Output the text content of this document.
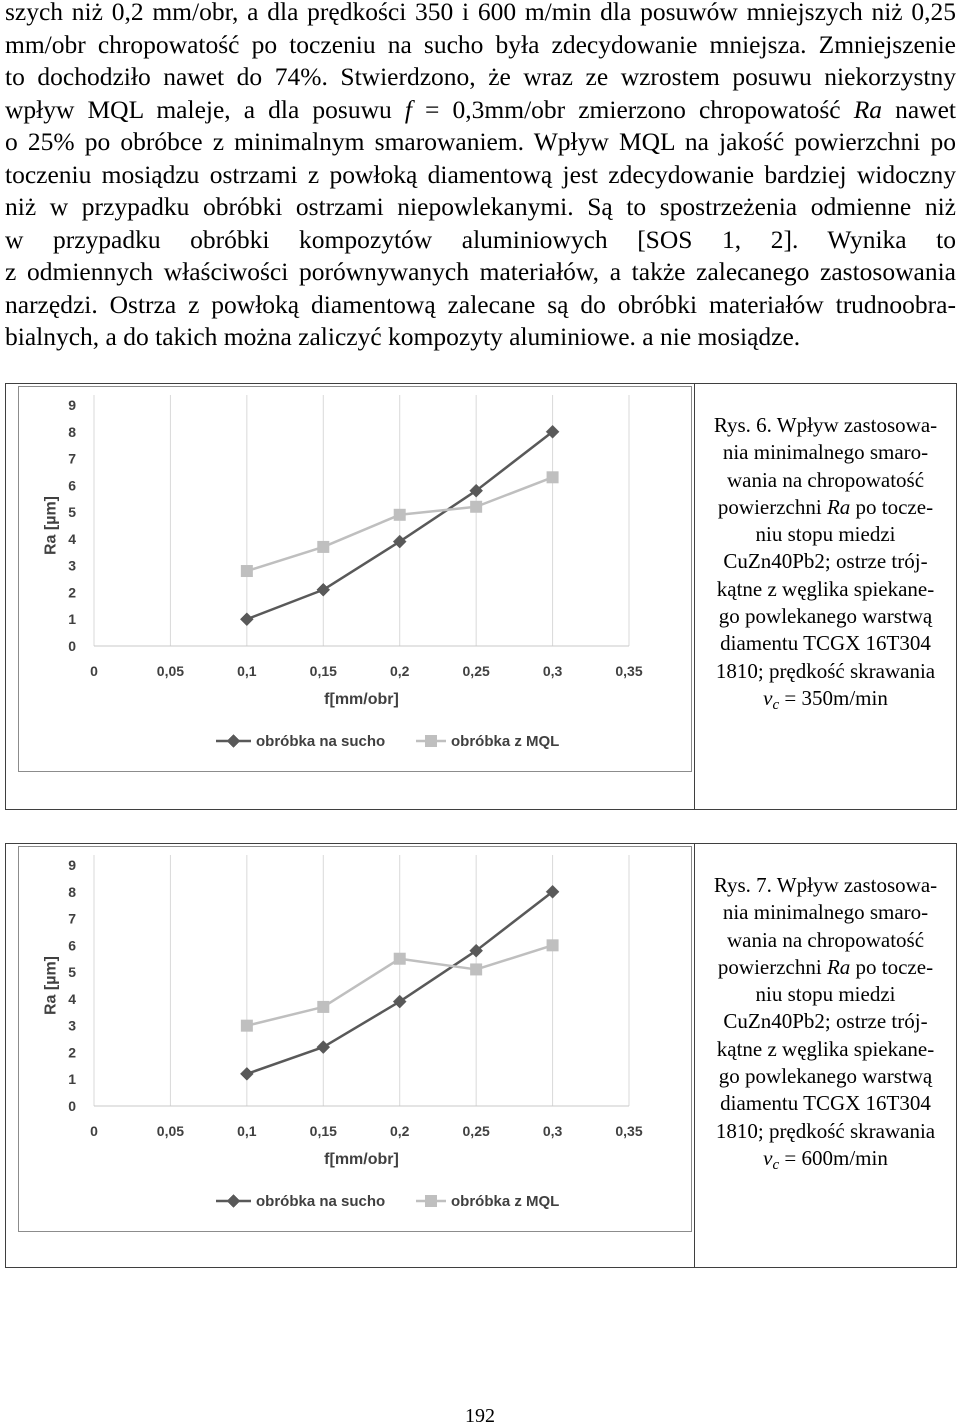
szych niż 0,2 mm/obr, a dla prędkości 350 i 600 m/min dla posuwów mniejszych niż 0,25
mm/obr chropowatość po toczeniu na sucho była zdecydowanie mniejsza. Zmniejszenie
to dochodziło nawet do 74%. Stwierdzono, że wraz ze wzrostem posuwu niekorzystny
wpływ MQL maleje, a dla posuwu f = 0,3mm/obr zmierzono chropowatość Ra nawet
o 25% po obróbce z minimalnym smarowaniem. Wpływ MQL na jakość powierzchni po
toczeniu mosiądzu ostrzami z powłoką diamentową jest zdecydowanie bardziej widoczny
niż w przypadku obróbki ostrzami niepowlekanymi. Są to spostrzeżenia odmienne niż
w przypadku obróbki kompozytów aluminiowych [SOS 1, 2]. Wynika to
z odmiennych właściwości porównywanych materiałów, a także zalecanego zastosowania
narzędzi. Ostrza z powłoką diamentową zalecane są do obróbki materiałów trudnoobra-
bialnych, a do takich można zaliczyć kompozyty aluminiowe. a nie mosiądze.
0	0,05	0,1	0,15	0,2	0,25	0,3	0,35
0
1
2
3
4
5
6
7
8
9
f[mm/obr]
Ra [µm]
obróbka na sucho	obróbka z MQL
Rys. 6. Wpływ zastosowa-
nia minimalnego smaro-
wania na chropowatość
powierzchni Ra po tocze-
niu stopu miedzi
CuZn40Pb2; ostrze trój-
kątne z węglika spiekane-
go powlekanego warstwą
diamentu TCGX 16T304
1810; prędkość skrawania
$v_c = 350m/\min$
0	0,05	0,1	0,15	0,2	0,25	0,3	0,35
0
1
2
3
4
5
6
7
8
9
f[mm/obr]
Ra [µm]
obróbka na sucho	obróbka z MQL
Rys. 7. Wpływ zastosowa-
nia minimalnego smaro-
wania na chropowatość
powierzchni Ra po tocze-
niu stopu miedzi
CuZn40Pb2; ostrze trój-
kątne z węglika spiekane-
go powlekanego warstwą
diamentu TCGX 16T304
1810; prędkość skrawania
$v_c = 600m/\min$
192
